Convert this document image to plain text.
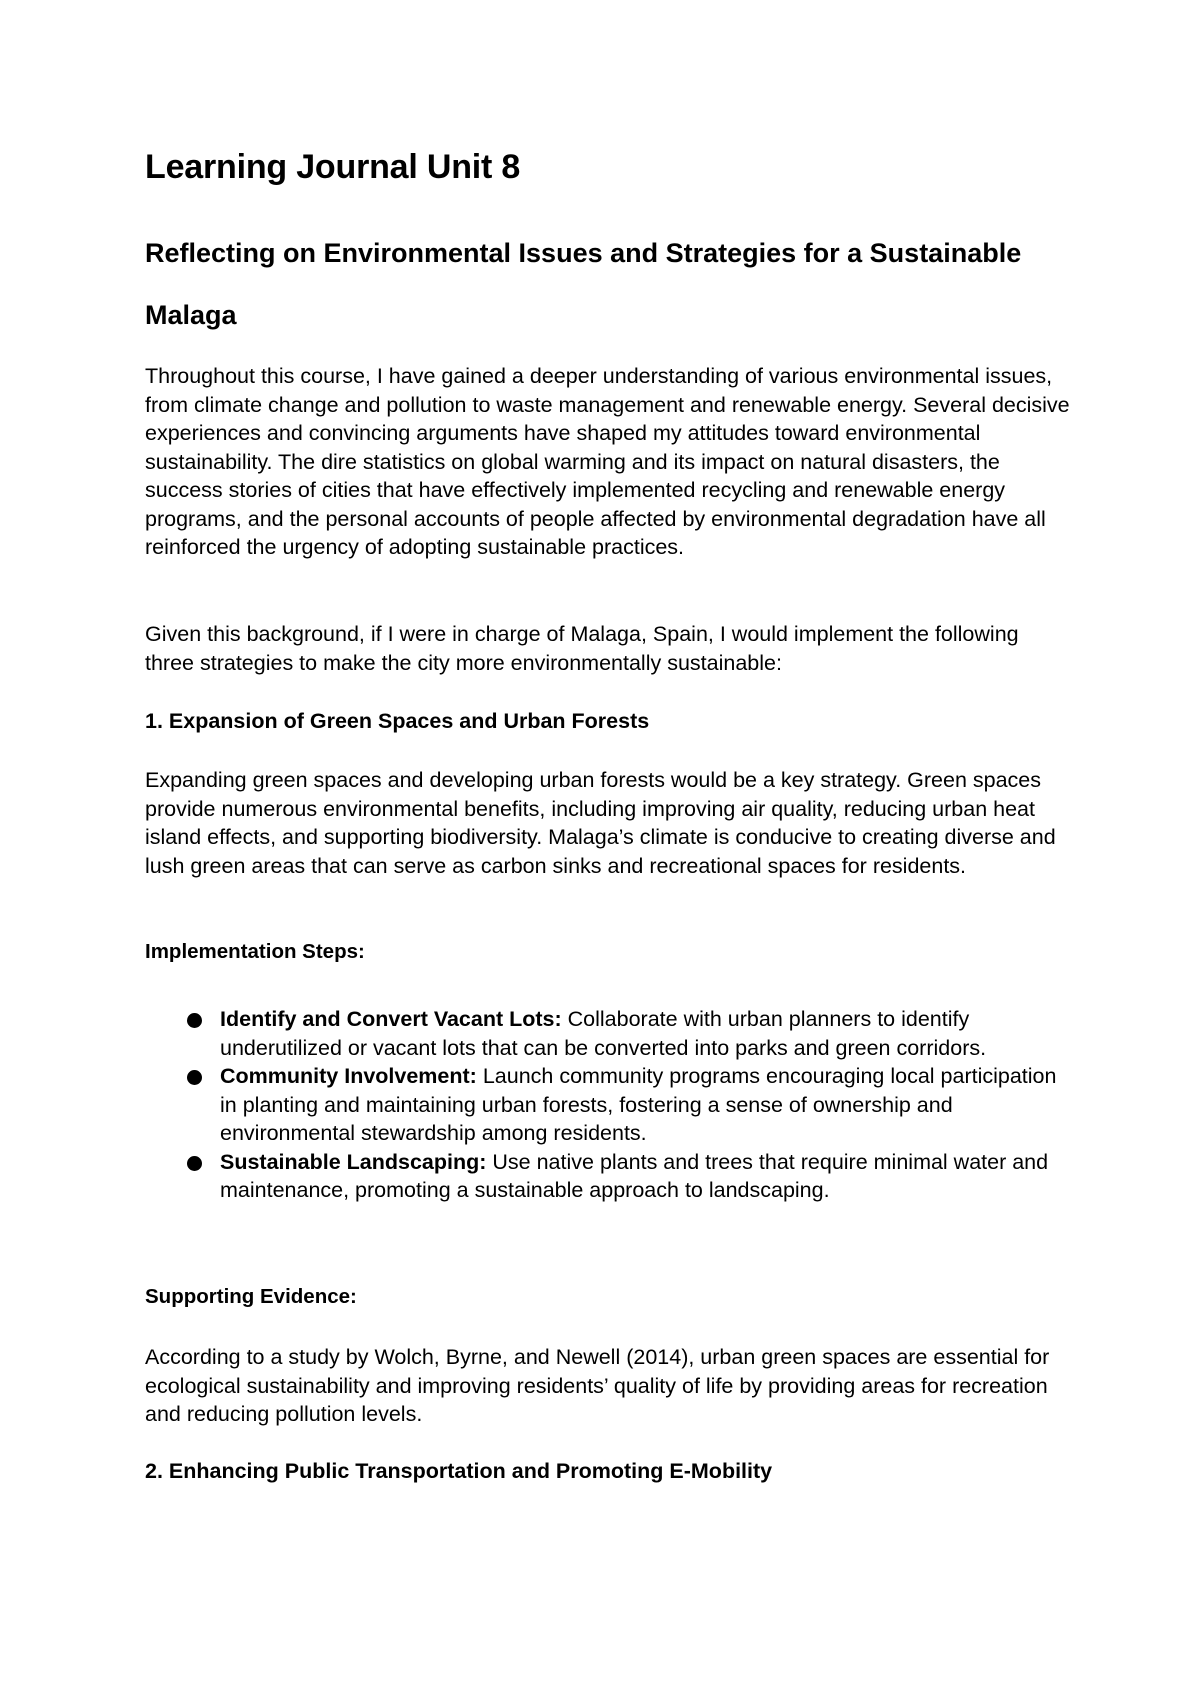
Learning Journal Unit 8
Reflecting on Environmental Issues and Strategies for a Sustainable Malaga

Throughout this course, I have gained a deeper understanding of various environmental issues, from climate change and pollution to waste management and renewable energy. Several decisive experiences and convincing arguments have shaped my attitudes toward environmental sustainability. The dire statistics on global warming and its impact on natural disasters, the success stories of cities that have effectively implemented recycling and renewable energy programs, and the personal accounts of people affected by environmental degradation have all reinforced the urgency of adopting sustainable practices.

Given this background, if I were in charge of Malaga, Spain, I would implement the following three strategies to make the city more environmentally sustainable:

1. Expansion of Green Spaces and Urban Forests

Expanding green spaces and developing urban forests would be a key strategy. Green spaces provide numerous environmental benefits, including improving air quality, reducing urban heat island effects, and supporting biodiversity. Malaga’s climate is conducive to creating diverse and lush green areas that can serve as carbon sinks and recreational spaces for residents.

Implementation Steps:
Identify and Convert Vacant Lots: Collaborate with urban planners to identify underutilized or vacant lots that can be converted into parks and green corridors.
Community Involvement: Launch community programs encouraging local participation in planting and maintaining urban forests, fostering a sense of ownership and environmental stewardship among residents.
Sustainable Landscaping: Use native plants and trees that require minimal water and maintenance, promoting a sustainable approach to landscaping.
Supporting Evidence:

According to a study by Wolch, Byrne, and Newell (2014), urban green spaces are essential for ecological sustainability and improving residents’ quality of life by providing areas for recreation and reducing pollution levels.

2. Enhancing Public Transportation and Promoting E-Mobility
